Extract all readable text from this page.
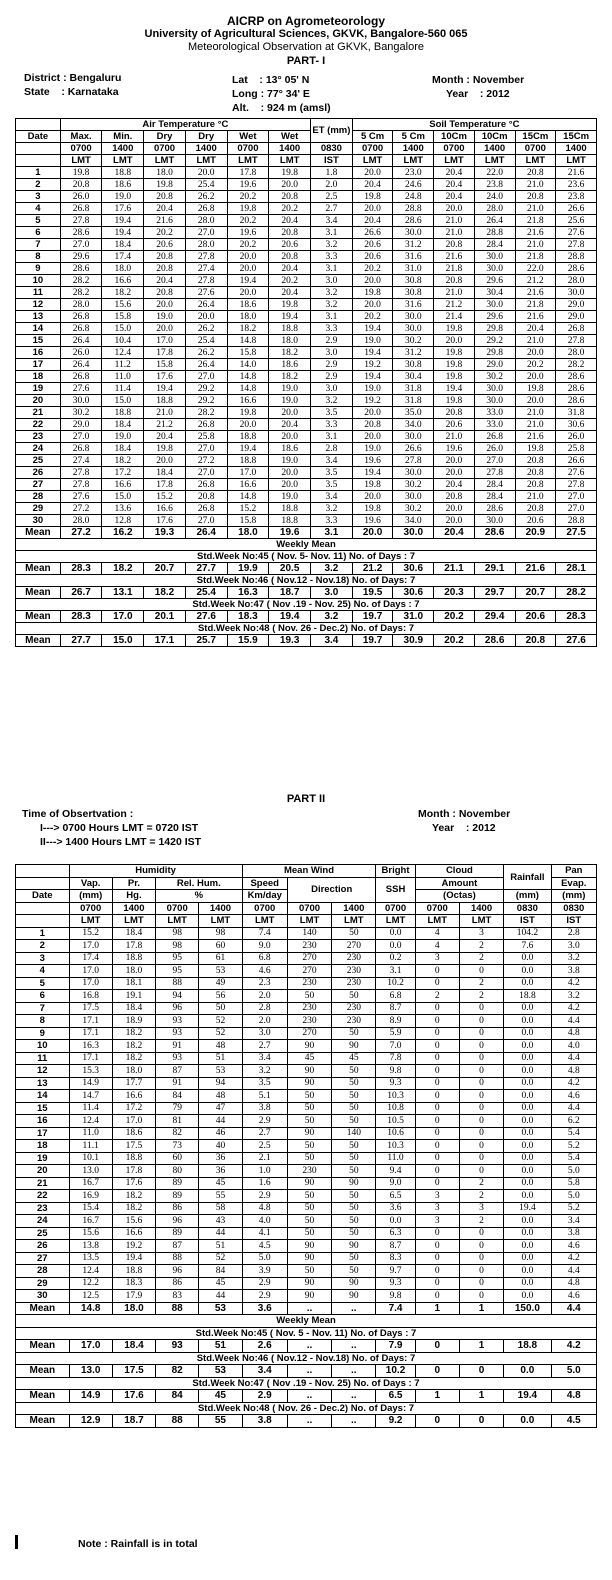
AICRP on Agrometeorology
University of Agricultural Sciences, GKVK, Bangalore-560 065
Meteorological Observation at GKVK, Bangalore
PART- I
District : Bengaluru
State    : Karnataka
Lat    : 13° 05' N
Long : 77° 34' E
Alt.    : 924 m (amsl)
Month : November
Year    : 2012
	Air Temperature °C						ET (mm)	Soil Temperature °C					
Date	Max.	Min.	Dry	Dry	Wet	Wet		5 Cm	5 Cm	10Cm	10Cm	15Cm	15Cm
	0700	1400	0700	1400	0700	1400	0830	0700	1400	0700	1400	0700	1400
	LMT	LMT	LMT	LMT	LMT	LMT	IST	LMT	LMT	LMT	LMT	LMT	LMT
1	19.8	18.8	18.0	20.0	17.8	19.8	1.8	20.0	23.0	20.4	22.0	20.8	21.6
2	20.8	18.6	19.8	25.4	19.6	20.0	2.0	20.4	24.6	20.4	23.8	21.0	23.6
3	26.0	19.0	20.8	26.2	20.2	20.8	2.5	19.8	24.8	20.4	24.0	20.8	23.8
4	26.8	17.6	20.4	26.8	19.8	20.2	2.7	20.0	28.8	20.0	28.0	21.0	26.6
5	27.8	19.4	21.6	28.0	20.2	20.4	3.4	20.4	28.6	21.0	26.4	21.8	25.6
6	28.6	19.4	20.2	27.0	19.6	20.8	3.1	26.6	30.0	21.0	28.8	21.6	27.6
7	27.0	18.4	20.6	28.0	20.2	20.6	3.2	20.6	31.2	20.8	28.4	21.0	27.8
8	29.6	17.4	20.8	27.8	20.0	20.8	3.3	20.6	31.6	21.6	30.0	21.8	28.8
9	28.6	18.0	20.8	27.4	20.0	20.4	3.1	20.2	31.0	21.8	30.0	22.0	28.6
10	28.2	16.6	20.4	27.8	19.4	20.2	3.0	20.0	30.8	20.8	29.6	21.2	28.0
11	28.2	18.2	20.8	27.6	20.0	20.4	3.2	19.8	30.8	21.0	30.4	21.6	30.0
12	28.0	15.6	20.0	26.4	18.6	19.8	3.2	20.0	31.6	21.2	30.0	21.8	29.0
13	26.8	15.8	19.0	20.0	18.0	19.4	3.1	20.2	30.0	21.4	29.6	21.6	29.0
14	26.8	15.0	20.0	26.2	18.2	18.8	3.3	19.4	30.0	19.8	29.8	20.4	26.8
15	26.4	10.4	17.0	25.4	14.8	18.0	2.9	19.0	30.2	20.0	29.2	21.0	27.8
16	26.0	12.4	17.8	26.2	15.8	18.2	3.0	19.4	31.2	19.8	29.8	20.0	28.0
17	26.4	11.2	15.8	26.4	14.0	18.6	2.9	19.2	30.8	19.8	29.0	20.2	28.2
18	26.8	11.0	17.6	27.0	14.8	18.2	2.9	19.4	30.4	19.8	30.2	20.0	28.6
19	27.6	11.4	19.4	29.2	14.8	19.0	3.0	19.0	31.8	19.4	30.0	19.8	28.6
20	30.0	15.0	18.8	29.2	16.6	19.0	3.2	19.2	31.8	19.8	30.0	20.0	28.6
21	30.2	18.8	21.0	28.2	19.8	20.0	3.5	20.0	35.0	20.8	33.0	21.0	31.8
22	29.0	18.4	21.2	26.8	20.0	20.4	3.3	20.8	34.0	20.6	33.0	21.0	30.6
23	27.0	19.0	20.4	25.8	18.8	20.0	3.1	20.0	30.0	21.0	26.8	21.6	26.0
24	26.8	18.4	19.8	27.0	19.4	18.6	2.8	19.0	26.6	19.6	26.0	19.8	25.8
25	27.4	18.2	20.0	27.2	18.8	19.0	3.4	19.6	27.8	20.0	27.0	20.8	26.6
26	27.8	17.2	18.4	27.0	17.0	20.0	3.5	19.4	30.0	20.0	27.8	20.8	27.6
27	27.8	16.6	17.8	26.8	16.6	20.0	3.5	19.8	30.2	20.4	28.4	20.8	27.8
28	27.6	15.0	15.2	20.8	14.8	19.0	3.4	20.0	30.0	20.8	28.4	21.0	27.0
29	27.2	13.6	16.6	26.8	15.2	18.8	3.2	19.8	30.2	20.0	28.6	20.8	27.0
30	28.0	12.8	17.6	27.0	15.8	18.8	3.3	19.6	34.0	20.0	30.0	20.6	28.8
Mean	27.2	16.2	19.3	26.4	18.0	19.6	3.1	20.0	30.0	20.4	28.6	20.9	27.5
Weekly Mean													
Std.Week No:45 ( Nov. 5- Nov. 11) No. of Days : 7													
Mean	28.3	18.2	20.7	27.7	19.9	20.5	3.2	21.2	30.6	21.1	29.1	21.6	28.1
Std.Week No:46 ( Nov.12 - Nov.18) No. of Days: 7													
Mean	26.7	13.1	18.2	25.4	16.3	18.7	3.0	19.5	30.6	20.3	29.7	20.7	28.2
Std.Week No:47 ( Nov .19 - Nov. 25) No. of Days : 7													
Mean	28.3	17.0	20.1	27.6	18.3	19.4	3.2	19.7	31.0	20.2	29.4	20.6	28.3
Std.Week No:48 ( Nov. 26 - Dec.2) No. of Days: 7													
Mean	27.7	15.0	17.1	25.7	15.9	19.3	3.4	19.7	30.9	20.2	28.6	20.8	27.6
PART II
Time of Obsertvation :
I---> 0700 Hours LMT = 0720 IST
II---> 1400 Hours LMT = 1420 IST
Month : November
Year    : 2012
	Humidity				Mean Wind			Bright	Cloud		Rainfall	Pan
	Vap.	Pr.	Rel. Hum.		Speed	Direction		SSH	Amount			Evap.
Date	(mm)	Hg.	%		Km/day				(Octas)		(mm)	(mm)
	0700	1400	0700	1400	0700	0700	1400	0700	0700	1400	0830	0830
	LMT	LMT	LMT	LMT	LMT	LMT	LMT	LMT	LMT	LMT	IST	IST
1	15.2	18.4	98	98	7.4	140	50	0.0	4	3	104.2	2.8
2	17.0	17.8	98	60	9.0	230	270	0.0	4	2	7.6	3.0
3	17.4	18.8	95	61	6.8	270	230	0.2	3	2	0.0	3.2
4	17.0	18.0	95	53	4.6	270	230	3.1	0	0	0.0	3.8
5	17.0	18.1	88	49	2.3	230	230	10.2	0	2	0.0	4.2
6	16.8	19.1	94	56	2.0	50	50	6.8	2	2	18.8	3.2
7	17.5	18.4	96	50	2.8	230	230	8.7	0	0	0.0	4.2
8	17.1	18.9	93	52	2.0	230	230	8.9	0	0	0.0	4.4
9	17.1	18.2	93	52	3.0	270	50	5.9	0	0	0.0	4.8
10	16.3	18.2	91	48	2.7	90	90	7.0	0	0	0.0	4.0
11	17.1	18.2	93	51	3.4	45	45	7.8	0	0	0.0	4.4
12	15.3	18.0	87	53	3.2	90	50	9.8	0	0	0.0	4.8
13	14.9	17.7	91	94	3.5	90	50	9.3	0	0	0.0	4.2
14	14.7	16.6	84	48	5.1	50	50	10.3	0	0	0.0	4.6
15	11.4	17.2	79	47	3.8	50	50	10.8	0	0	0.0	4.4
16	12.4	17.0	81	44	2.9	50	50	10.5	0	0	0.0	6.2
17	11.0	18.6	82	46	2.7	90	140	10.6	0	0	0.0	5.4
18	11.1	17.5	73	40	2.5	50	50	10.3	0	0	0.0	5.2
19	10.1	18.8	60	36	2.1	50	50	11.0	0	0	0.0	5.4
20	13.0	17.8	80	36	1.0	230	50	9.4	0	0	0.0	5.0
21	16.7	17.6	89	45	1.6	90	90	9.0	0	2	0.0	5.8
22	16.9	18.2	89	55	2.9	50	50	6.5	3	2	0.0	5.0
23	15.4	18.2	86	58	4.8	50	50	3.6	3	3	19.4	5.2
24	16.7	15.6	96	43	4.0	50	50	0.0	3	2	0.0	3.4
25	15.6	16.6	89	44	4.1	50	50	6.3	0	0	0.0	3.8
26	13.8	19.2	87	51	4.5	90	90	8.7	0	0	0.0	4.6
27	13.5	19.4	88	52	5.0	90	50	8.3	0	0	0.0	4.2
28	12.4	18.8	96	84	3.9	50	50	9.7	0	0	0.0	4.4
29	12.2	18.3	86	45	2.9	90	90	9.3	0	0	0.0	4.8
30	12.5	17.9	83	44	2.9	90	90	9.8	0	0	0.0	4.6
Mean	14.8	18.0	88	53	3.6	..	..	7.4	1	1	150.0	4.4
Weekly Mean												
Std.Week No:45 ( Nov. 5 - Nov. 11) No. of Days : 7												
Mean	17.0	18.4	93	51	2.6	..	..	7.9	0	1	18.8	4.2
Std.Week No:46 ( Nov.12 - Nov.18) No. of Days: 7												
Mean	13.0	17.5	82	53	3.4	..	..	10.2	0	0	0.0	5.0
Std.Week No:47 ( Nov .19 - Nov. 25) No. of Days : 7												
Mean	14.9	17.6	84	45	2.9	..	..	6.5	1	1	19.4	4.8
Std.Week No:48 ( Nov. 26 - Dec.2) No. of Days: 7												
Mean	12.9	18.7	88	55	3.8	..	..	9.2	0	0	0.0	4.5
Note : Rainfall is in total
